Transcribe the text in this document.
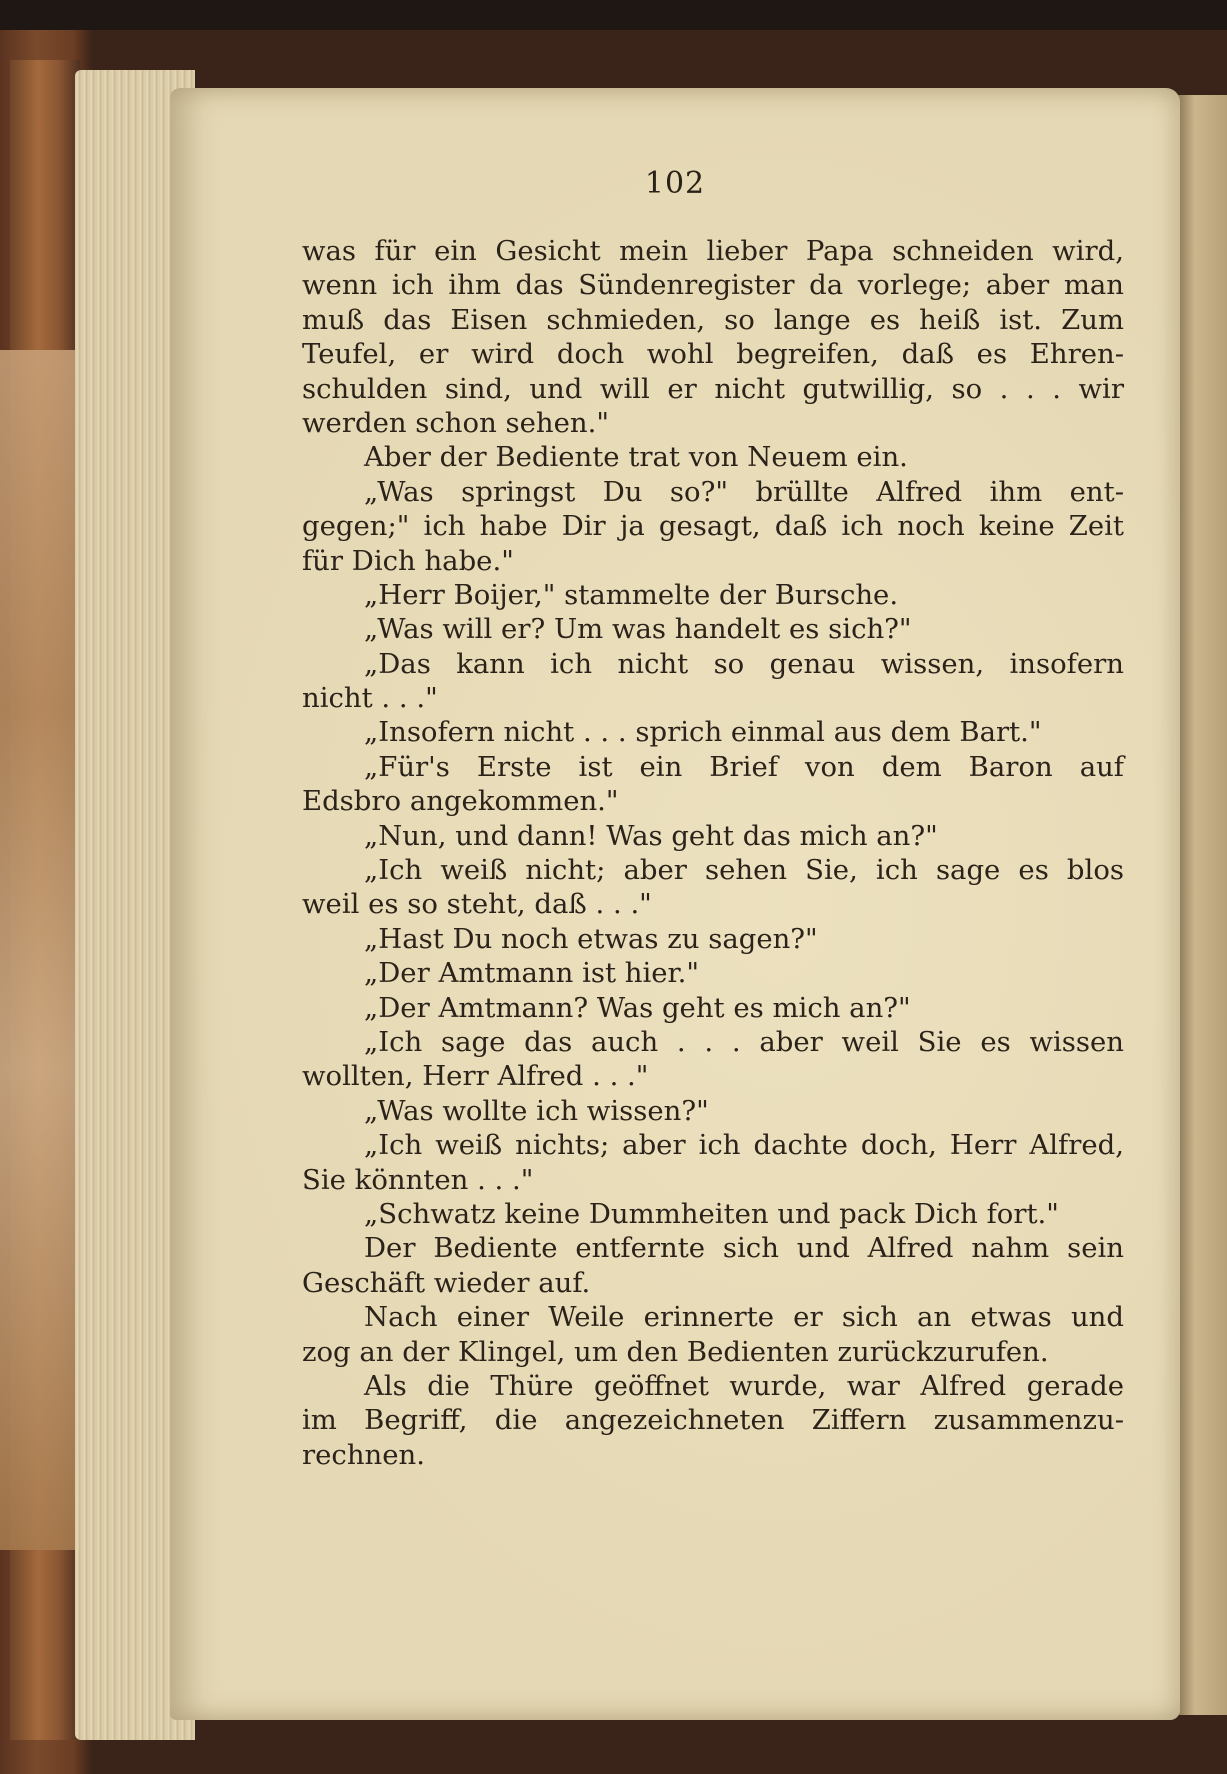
102
was für ein Gesicht mein lieber Papa schneiden wird,
wenn ich ihm das Sündenregister da vorlege; aber man
muß das Eisen schmieden, so lange es heiß ist. Zum
Teufel, er wird doch wohl begreifen, daß es Ehren-
schulden sind, und will er nicht gutwillig, so . . . wir
werden schon sehen."
Aber der Bediente trat von Neuem ein.
„Was springst Du so?" brüllte Alfred ihm ent-
gegen;" ich habe Dir ja gesagt, daß ich noch keine Zeit
für Dich habe."
„Herr Boijer," stammelte der Bursche.
„Was will er? Um was handelt es sich?"
„Das kann ich nicht so genau wissen, insofern
nicht . . ."
„Insofern nicht . . . sprich einmal aus dem Bart."
„Für's Erste ist ein Brief von dem Baron auf
Edsbro angekommen."
„Nun, und dann! Was geht das mich an?"
„Ich weiß nicht; aber sehen Sie, ich sage es blos
weil es so steht, daß . . ."
„Hast Du noch etwas zu sagen?"
„Der Amtmann ist hier."
„Der Amtmann? Was geht es mich an?"
„Ich sage das auch . . . aber weil Sie es wissen
wollten, Herr Alfred . . ."
„Was wollte ich wissen?"
„Ich weiß nichts; aber ich dachte doch, Herr Alfred,
Sie könnten . . ."
„Schwatz keine Dummheiten und pack Dich fort."
Der Bediente entfernte sich und Alfred nahm sein
Geschäft wieder auf.
Nach einer Weile erinnerte er sich an etwas und
zog an der Klingel, um den Bedienten zurückzurufen.
Als die Thüre geöffnet wurde, war Alfred gerade
im Begriff, die angezeichneten Ziffern zusammenzu-
rechnen.
